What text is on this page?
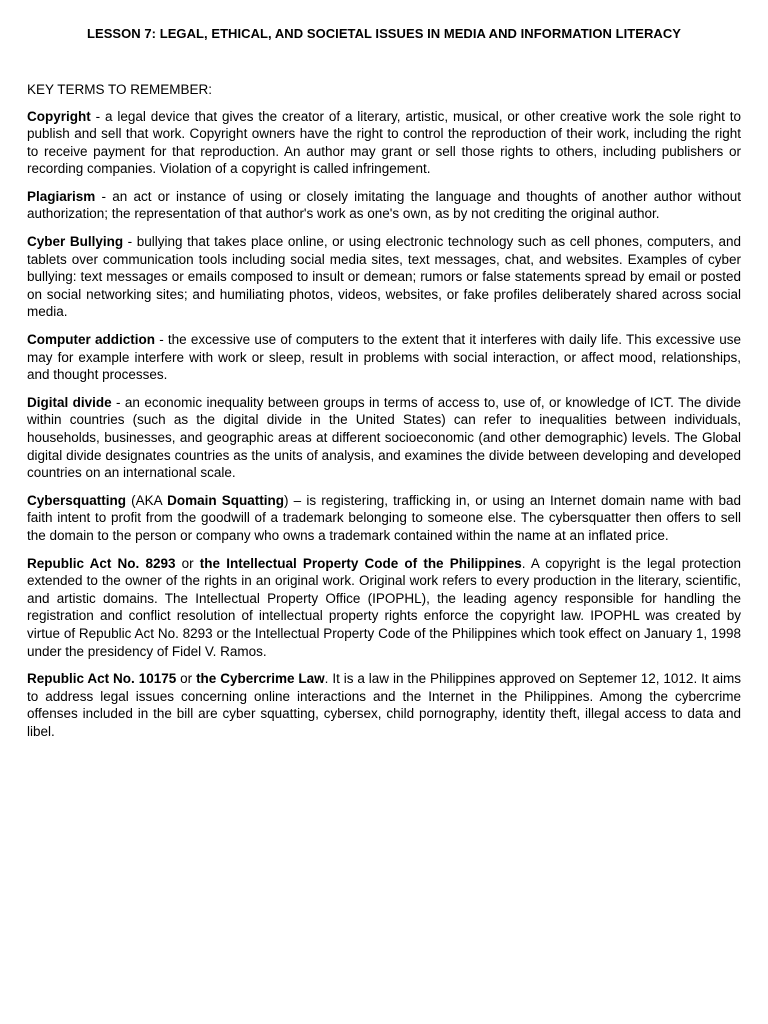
LESSON 7: LEGAL, ETHICAL, AND SOCIETAL ISSUES IN MEDIA AND INFORMATION LITERACY
KEY TERMS TO REMEMBER:

Copyright - a legal device that gives the creator of a literary, artistic, musical, or other creative work the sole right to publish and sell that work. Copyright owners have the right to control the reproduction of their work, including the right to receive payment for that reproduction. An author may grant or sell those rights to others, including publishers or recording companies. Violation of a copyright is called infringement.

Plagiarism - an act or instance of using or closely imitating the language and thoughts of another author without authorization; the representation of that author's work as one's own, as by not crediting the original author.

Cyber Bullying - bullying that takes place online, or using electronic technology such as cell phones, computers, and tablets over communication tools including social media sites, text messages, chat, and websites. Examples of cyber bullying: text messages or emails composed to insult or demean; rumors or false statements spread by email or posted on social networking sites; and humiliating photos, videos, websites, or fake profiles deliberately shared across social media.

Computer addiction - the excessive use of computers to the extent that it interferes with daily life. This excessive use may for example interfere with work or sleep, result in problems with social interaction, or affect mood, relationships, and thought processes.

Digital divide - an economic inequality between groups in terms of access to, use of, or knowledge of ICT. The divide within countries (such as the digital divide in the United States) can refer to inequalities between individuals, households, businesses, and geographic areas at different socioeconomic (and other demographic) levels. The Global digital divide designates countries as the units of analysis, and examines the divide between developing and developed countries on an international scale.

Cybersquatting (AKA Domain Squatting) – is registering, trafficking in, or using an Internet domain name with bad faith intent to profit from the goodwill of a trademark belonging to someone else. The cybersquatter then offers to sell the domain to the person or company who owns a trademark contained within the name at an inflated price.

Republic Act No. 8293 or the Intellectual Property Code of the Philippines. A copyright is the legal protection extended to the owner of the rights in an original work. Original work refers to every production in the literary, scientific, and artistic domains. The Intellectual Property Office (IPOPHL), the leading agency responsible for handling the registration and conflict resolution of intellectual property rights enforce the copyright law. IPOPHL was created by virtue of Republic Act No. 8293 or the Intellectual Property Code of the Philippines which took effect on January 1, 1998 under the presidency of Fidel V. Ramos.

Republic Act No. 10175 or the Cybercrime Law. It is a law in the Philippines approved on Septemer 12, 1012. It aims to address legal issues concerning online interactions and the Internet in the Philippines. Among the cybercrime offenses included in the bill are cyber squatting, cybersex, child pornography, identity theft, illegal access to data and libel.
